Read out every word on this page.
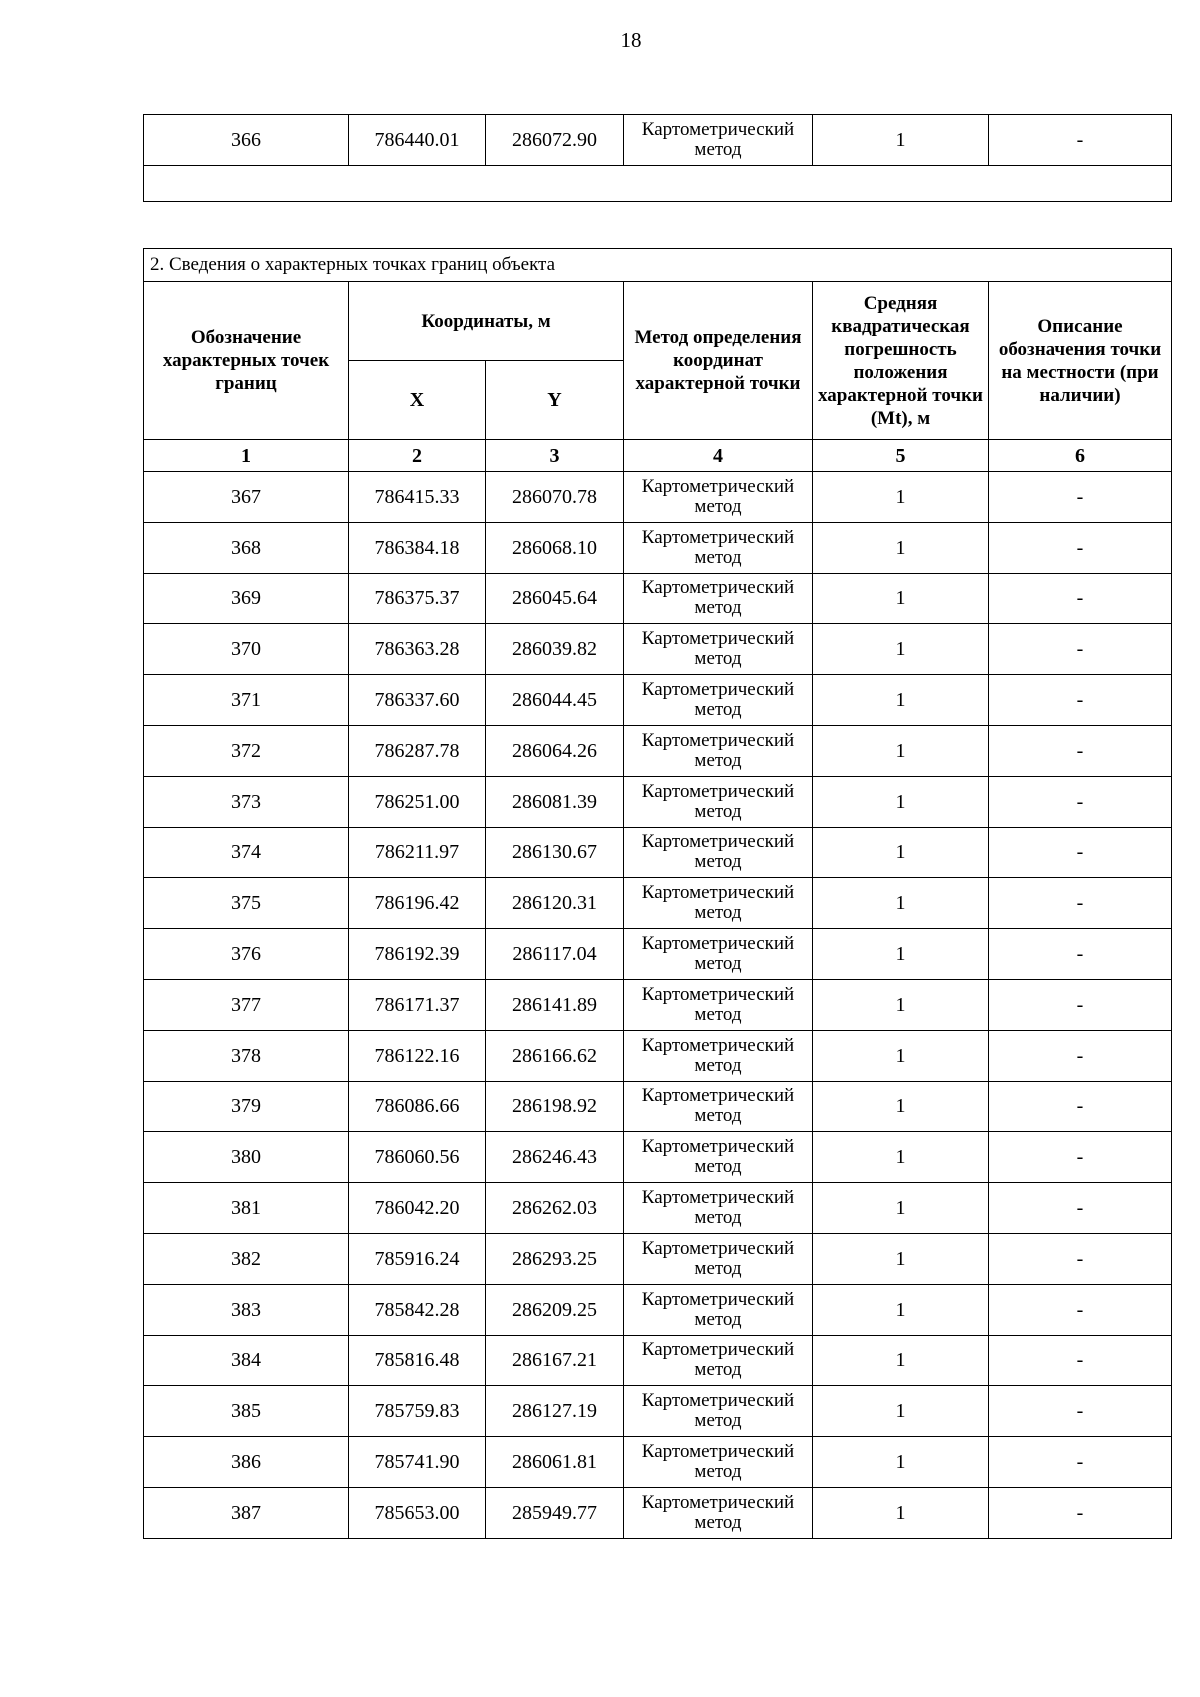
18
366	786440.01	286072.90	Картометрический метод	1	-

2. Сведения о характерных точках границ объекта					
Обозначение характерных точек границ	Координаты, м		Метод определения координат характерной точки	Средняя квадратическая погрешность положения характерной точки (Mt), м	Описание обозначения точки на местности (при наличии)
	X	Y			
1	2	3	4	5	6
367	786415.33	286070.78	Картометрический метод	1	-
368	786384.18	286068.10	Картометрический метод	1	-
369	786375.37	286045.64	Картометрический метод	1	-
370	786363.28	286039.82	Картометрический метод	1	-
371	786337.60	286044.45	Картометрический метод	1	-
372	786287.78	286064.26	Картометрический метод	1	-
373	786251.00	286081.39	Картометрический метод	1	-
374	786211.97	286130.67	Картометрический метод	1	-
375	786196.42	286120.31	Картометрический метод	1	-
376	786192.39	286117.04	Картометрический метод	1	-
377	786171.37	286141.89	Картометрический метод	1	-
378	786122.16	286166.62	Картометрический метод	1	-
379	786086.66	286198.92	Картометрический метод	1	-
380	786060.56	286246.43	Картометрический метод	1	-
381	786042.20	286262.03	Картометрический метод	1	-
382	785916.24	286293.25	Картометрический метод	1	-
383	785842.28	286209.25	Картометрический метод	1	-
384	785816.48	286167.21	Картометрический метод	1	-
385	785759.83	286127.19	Картометрический метод	1	-
386	785741.90	286061.81	Картометрический метод	1	-
387	785653.00	285949.77	Картометрический метод	1	-
